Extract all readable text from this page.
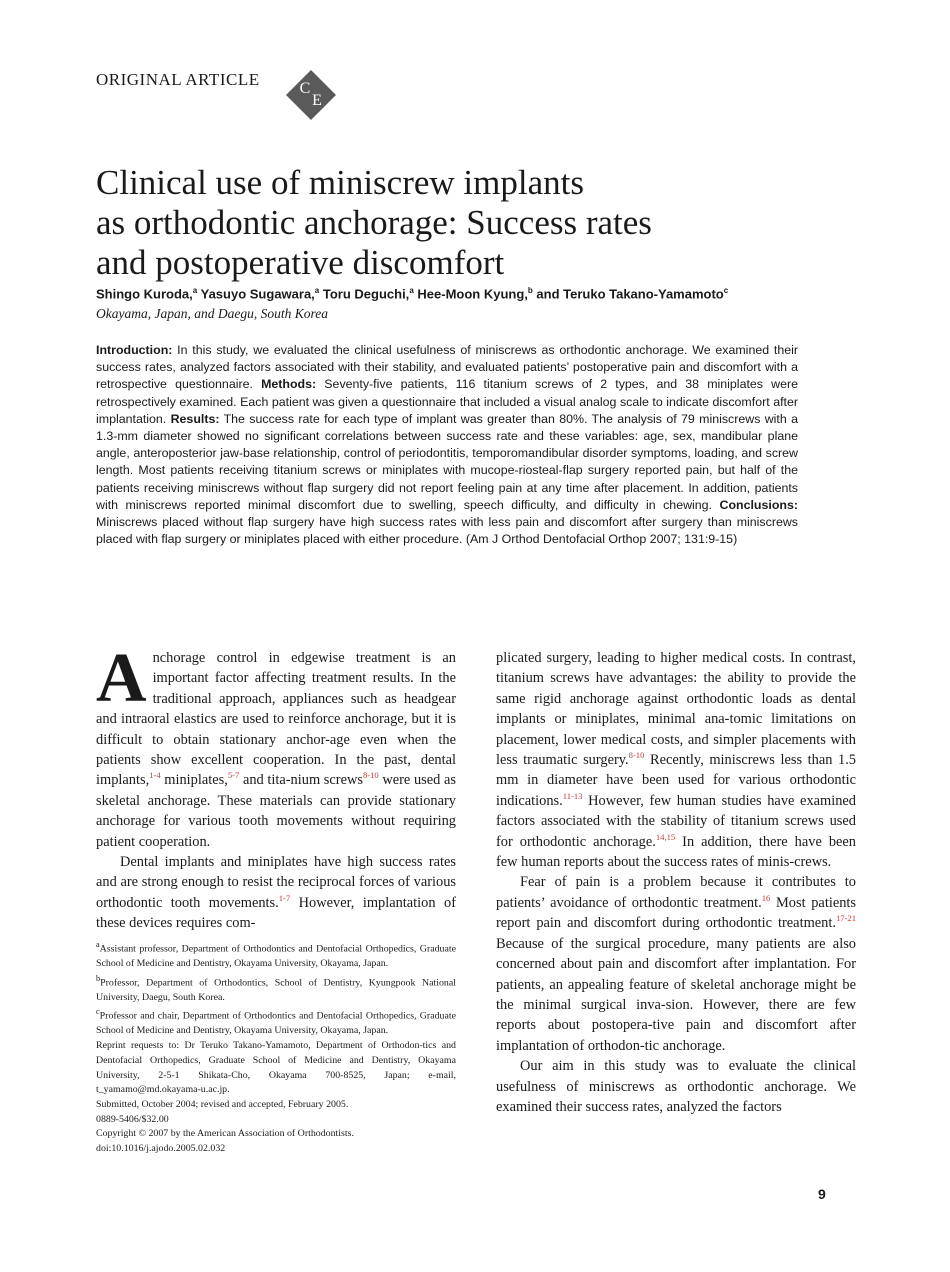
ORIGINAL ARTICLE	C
E
Clinical use of miniscrew implants
as orthodontic anchorage: Success rates
and postoperative discomfort
Shingo Kuroda,$^a$ Yasuyo Sugawara,$^a$ Toru Deguchi,$^a$ Hee-Moon Kyung,$^b$ and Teruko Takano-Yamamoto$^c$
Okayama, Japan, and Daegu, South Korea
Introduction: In this study, we evaluated the clinical usefulness of miniscrews as orthodontic anchorage. We examined their success rates, analyzed factors associated with their stability, and evaluated patients’ postoperative pain and discomfort with a retrospective questionnaire. Methods: Seventy-five patients, 116 titanium screws of 2 types, and 38 miniplates were retrospectively examined. Each patient was given a questionnaire that included a visual analog scale to indicate discomfort after implantation. Results: The success rate for each type of implant was greater than 80%. The analysis of 79 miniscrews with a 1.3-mm diameter showed no significant correlations between success rate and these variables: age, sex, mandibular plane angle, anteroposterior jaw-base relationship, control of periodontitis, temporomandibular disorder symptoms, loading, and screw length. Most patients receiving titanium screws or miniplates with mucope-riosteal-flap surgery reported pain, but half of the patients receiving miniscrews without flap surgery did not report feeling pain at any time after placement. In addition, patients with miniscrews reported minimal discomfort due to swelling, speech difficulty, and difficulty in chewing. Conclusions: Miniscrews placed without flap surgery have high success rates with less pain and discomfort after surgery than miniscrews placed with flap surgery or miniplates placed with either procedure. (Am J Orthod Dentofacial Orthop 2007; 131:9-15)

Anchorage control in edgewise treatment is an important factor affecting treatment results. In the traditional approach, appliances such as headgear and intraoral elastics are used to reinforce anchorage, but it is difficult to obtain stationary anchor-age even when the patients show excellent cooperation. In the past, dental implants,$^{1-4}$ miniplates,$^{5-7}$ and tita-nium screws$^{8-10}$ were used as skeletal anchorage. These materials can provide stationary anchorage for various tooth movements without requiring patient cooperation.

Dental implants and miniplates have high success rates and are strong enough to resist the reciprocal forces of various orthodontic tooth movements.$^{1-7}$ However, implantation of these devices requires com-

$^a$Assistant professor, Department of Orthodontics and Dentofacial Orthopedics, Graduate School of Medicine and Dentistry, Okayama University, Okayama, Japan.

$^b$Professor, Department of Orthodontics, School of Dentistry, Kyungpook National University, Daegu, South Korea.

$^c$Professor and chair, Department of Orthodontics and Dentofacial Orthopedics, Graduate School of Medicine and Dentistry, Okayama University, Okayama, Japan.

Reprint requests to: Dr Teruko Takano-Yamamoto, Department of Orthodon-tics and Dentofacial Orthopedics, Graduate School of Medicine and Dentistry, Okayama University, 2-5-1 Shikata-Cho, Okayama 700-8525, Japan; e-mail, t_yamamo@md.okayama-u.ac.jp.

Submitted, October 2004; revised and accepted, February 2005.

0889-5406/$32.00

Copyright © 2007 by the American Association of Orthodontists.

doi:10.1016/j.ajodo.2005.02.032

plicated surgery, leading to higher medical costs. In contrast, titanium screws have advantages: the ability to provide the same rigid anchorage against orthodontic loads as dental implants or miniplates, minimal ana-tomic limitations on placement, lower medical costs, and simpler placements with less traumatic surgery.$^{8-10}$ Recently, miniscrews less than 1.5 mm in diameter have been used for various orthodontic indications.$^{11-13}$ However, few human studies have examined factors associated with the stability of titanium screws used for orthodontic anchorage.$^{14,15}$ In addition, there have been few human reports about the success rates of minis-crews.

Fear of pain is a problem because it contributes to patients’ avoidance of orthodontic treatment.$^{16}$ Most patients report pain and discomfort during orthodontic treatment.$^{17-21}$ Because of the surgical procedure, many patients are also concerned about pain and discomfort after implantation. For patients, an appealing feature of skeletal anchorage might be the minimal surgical inva-sion. However, there are few reports about postopera-tive pain and discomfort after implantation of orthodon-tic anchorage.

Our aim in this study was to evaluate the clinical usefulness of miniscrews as orthodontic anchorage. We examined their success rates, analyzed the factors

9
